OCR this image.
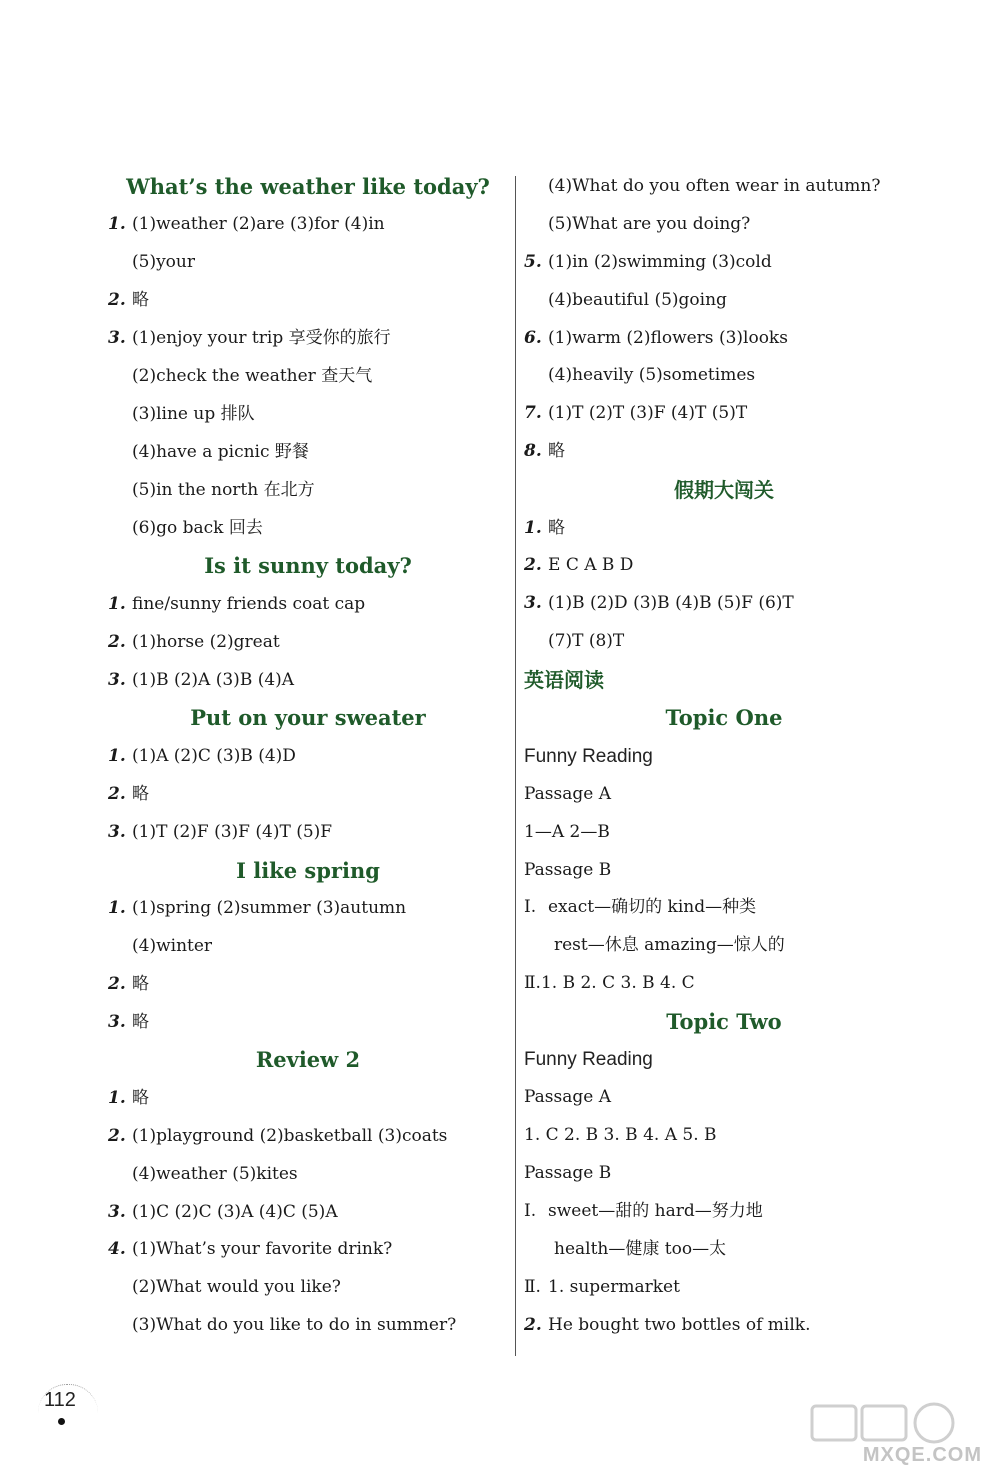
What’s the weather like today?
1. (1)weather (2)are (3)for (4)in
(5)your
2. 略
3. (1)enjoy your trip 享受你的旅行
(2)check the weather 查天气
(3)line up 排队
(4)have a picnic 野餐
(5)in the north 在北方
(6)go back 回去
Is it sunny today?
1. fine/sunny friends coat cap
2. (1)horse (2)great
3. (1)B (2)A (3)B (4)A
Put on your sweater
1. (1)A (2)C (3)B (4)D
2. 略
3. (1)T (2)F (3)F (4)T (5)F
I like spring
1. (1)spring (2)summer (3)autumn
(4)winter
2. 略
3. 略
Review 2
1. 略
2. (1)playground (2)basketball (3)coats
(4)weather (5)kites
3. (1)C (2)C (3)A (4)C (5)A
4. (1)What’s your favorite drink?
(2)What would you like?
(3)What do you like to do in summer?
(4)What do you often wear in autumn?
(5)What are you doing?
5. (1)in (2)swimming (3)cold
(4)beautiful (5)going
6. (1)warm (2)flowers (3)looks
(4)heavily (5)sometimes
7. (1)T (2)T (3)F (4)T (5)T
8. 略
假期大闯关
1. 略
2. E C A B D
3. (1)B (2)D (3)B (4)B (5)F (6)T
(7)T (8)T
英语阅读
Topic One
Funny Reading
Passage A
1—A 2—B
Passage B
Ⅰ. exact—确切的 kind—种类
rest—休息 amazing—惊人的
Ⅱ.1. B 2. C 3. B 4. C
Topic Two
Funny Reading
Passage A
1. C 2. B 3. B 4. A 5. B
Passage B
Ⅰ. sweet—甜的 hard—努力地
health—健康 too—太
Ⅱ. 1. supermarket
2. He bought two bottles of milk.
112
MXQE.COM
